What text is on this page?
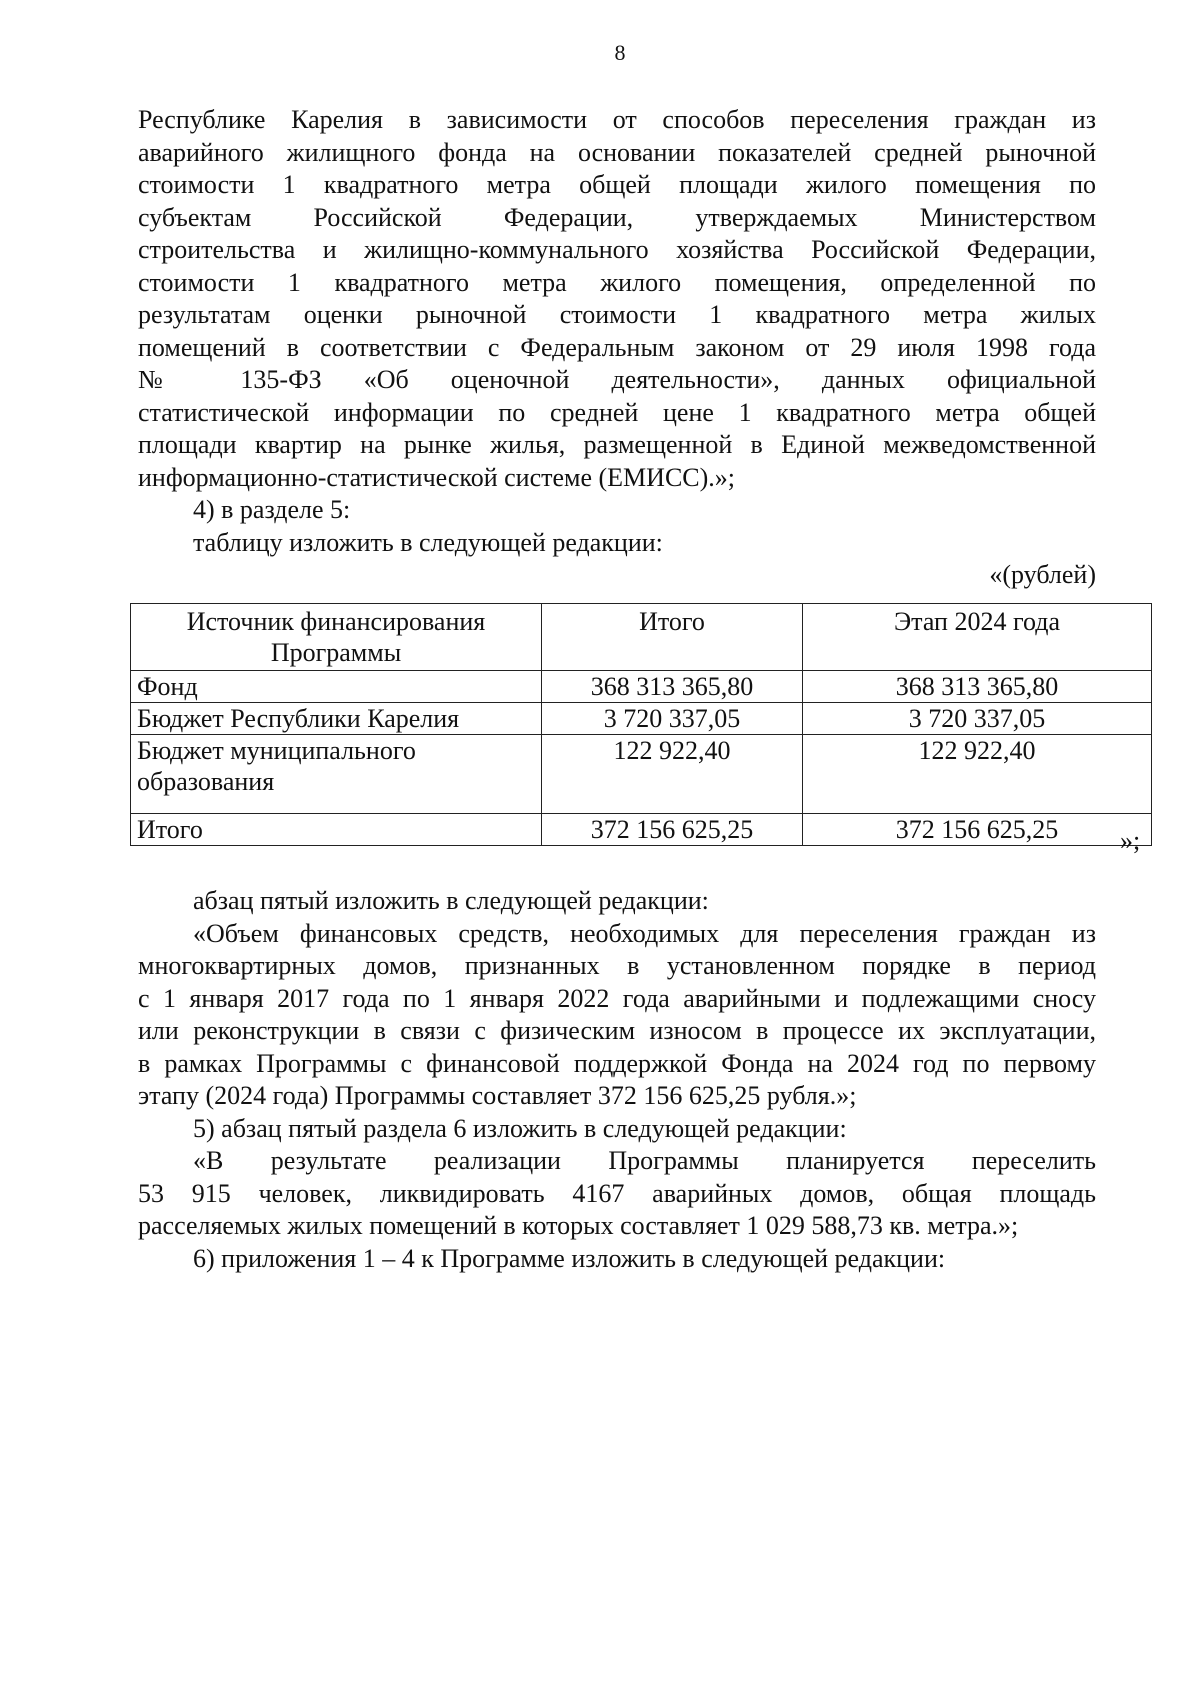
8

Республике Карелия в зависимости от способов переселения граждан из

аварийного жилищного фонда на основании показателей средней рыночной

стоимости 1 квадратного метра общей площади жилого помещения по

субъектам Российской Федерации, утверждаемых Министерством

строительства и жилищно-коммунального хозяйства Российской Федерации,

стоимости 1 квадратного метра жилого помещения, определенной по

результатам оценки рыночной стоимости 1 квадратного метра жилых

помещений в соответствии с Федеральным законом от 29 июля 1998 года

№ 135-ФЗ «Об оценочной деятельности», данных официальной

статистической информации по средней цене 1 квадратного метра общей

площади квартир на рынке жилья, размещенной в Единой межведомственной

информационно-статистической системе (ЕМИСС).»;

4) в разделе 5:

таблицу изложить в следующей редакции:

«(рублей)

Источник финансирования Программы	Итого	Этап 2024 года
Фонд	368 313 365,80	368 313 365,80
Бюджет Республики Карелия	3 720 337,05	3 720 337,05
Бюджет муниципального образования	122 922,40	122 922,40
Итого	372 156 625,25	372 156 625,25 »;

абзац пятый изложить в следующей редакции:

«Объем финансовых средств, необходимых для переселения граждан из

многоквартирных домов, признанных в установленном порядке в период

с 1 января 2017 года по 1 января 2022 года аварийными и подлежащими сносу

или реконструкции в связи с физическим износом в процессе их эксплуатации,

в рамках Программы с финансовой поддержкой Фонда на 2024 год по первому

этапу (2024 года) Программы составляет 372 156 625,25 рубля.»;

5) абзац пятый раздела 6 изложить в следующей редакции:

«В результате реализации Программы планируется переселить

53 915 человек, ликвидировать 4167 аварийных домов, общая площадь

расселяемых жилых помещений в которых составляет 1 029 588,73 кв. метра.»;

6) приложения 1 – 4 к Программе изложить в следующей редакции:
